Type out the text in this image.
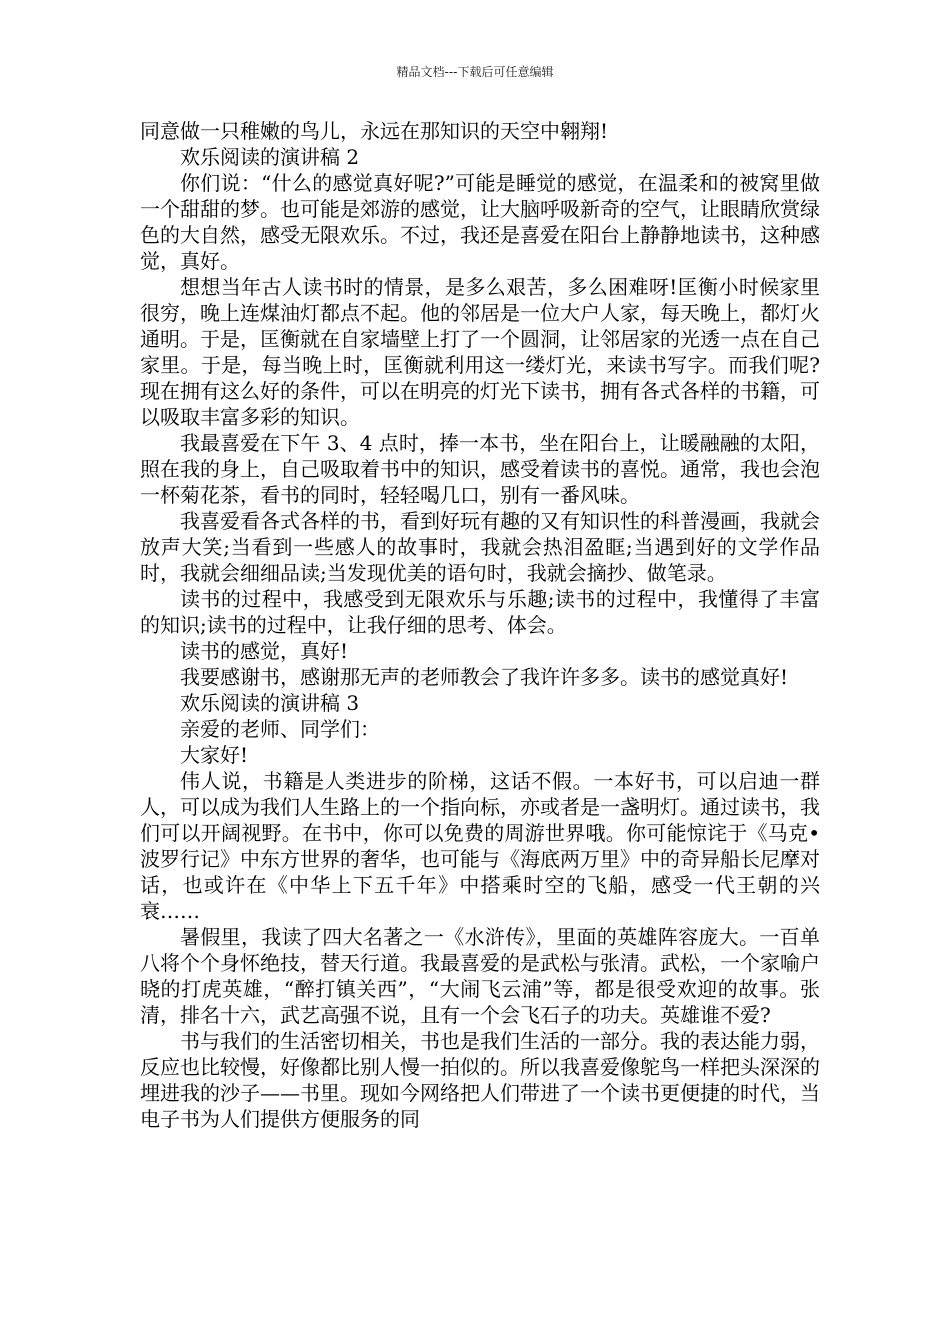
精品文档---下载后可任意编辑

同意做一只稚嫩的鸟儿，永远在那知识的天空中翱翔!

欢乐阅读的演讲稿 2

你们说：“什么的感觉真好呢?”可能是睡觉的感觉，在温柔和的被窝里做一个甜甜的梦。也可能是郊游的感觉，让大脑呼吸新奇的空气，让眼睛欣赏绿色的大自然，感受无限欢乐。不过，我还是喜爱在阳台上静静地读书，这种感觉，真好。

想想当年古人读书时的情景，是多么艰苦，多么困难呀!匡衡小时候家里很穷，晚上连煤油灯都点不起。他的邻居是一位大户人家，每天晚上，都灯火通明。于是，匡衡就在自家墙壁上打了一个圆洞，让邻居家的光透一点在自己家里。于是，每当晚上时，匡衡就利用这一缕灯光，来读书写字。而我们呢?现在拥有这么好的条件，可以在明亮的灯光下读书，拥有各式各样的书籍，可以吸取丰富多彩的知识。

我最喜爱在下午 3、4 点时，捧一本书，坐在阳台上，让暖融融的太阳，照在我的身上，自己吸取着书中的知识，感受着读书的喜悦。通常，我也会泡一杯菊花茶，看书的同时，轻轻喝几口，别有一番风味。

我喜爱看各式各样的书，看到好玩有趣的又有知识性的科普漫画，我就会放声大笑;当看到一些感人的故事时，我就会热泪盈眶;当遇到好的文学作品时，我就会细细品读;当发现优美的语句时，我就会摘抄、做笔录。

读书的过程中，我感受到无限欢乐与乐趣;读书的过程中，我懂得了丰富的知识;读书的过程中，让我仔细的思考、体会。

读书的感觉，真好!

我要感谢书，感谢那无声的老师教会了我许许多多。读书的感觉真好!

欢乐阅读的演讲稿 3

亲爱的老师、同学们：

大家好!

伟人说，书籍是人类进步的阶梯，这话不假。一本好书，可以启迪一群人，可以成为我们人生路上的一个指向标，亦或者是一盏明灯。通过读书，我们可以开阔视野。在书中，你可以免费的周游世界哦。你可能惊诧于《马克•波罗行记》中东方世界的奢华，也可能与《海底两万里》中的奇异船长尼摩对话，也或许在《中华上下五千年》中搭乘时空的飞船，感受一代王朝的兴衰……

暑假里，我读了四大名著之一《水浒传》，里面的英雄阵容庞大。一百单八将个个身怀绝技，替天行道。我最喜爱的是武松与张清。武松，一个家喻户晓的打虎英雄，“醉打镇关西”，“大闹飞云浦”等，都是很受欢迎的故事。张清，排名十六，武艺高强不说，且有一个会飞石子的功夫。英雄谁不爱?

书与我们的生活密切相关，书也是我们生活的一部分。我的表达能力弱，反应也比较慢，好像都比别人慢一拍似的。所以我喜爱像鸵鸟一样把头深深的埋进我的沙子——书里。现如今网络把人们带进了一个读书更便捷的时代，当电子书为人们提供方便服务的同
